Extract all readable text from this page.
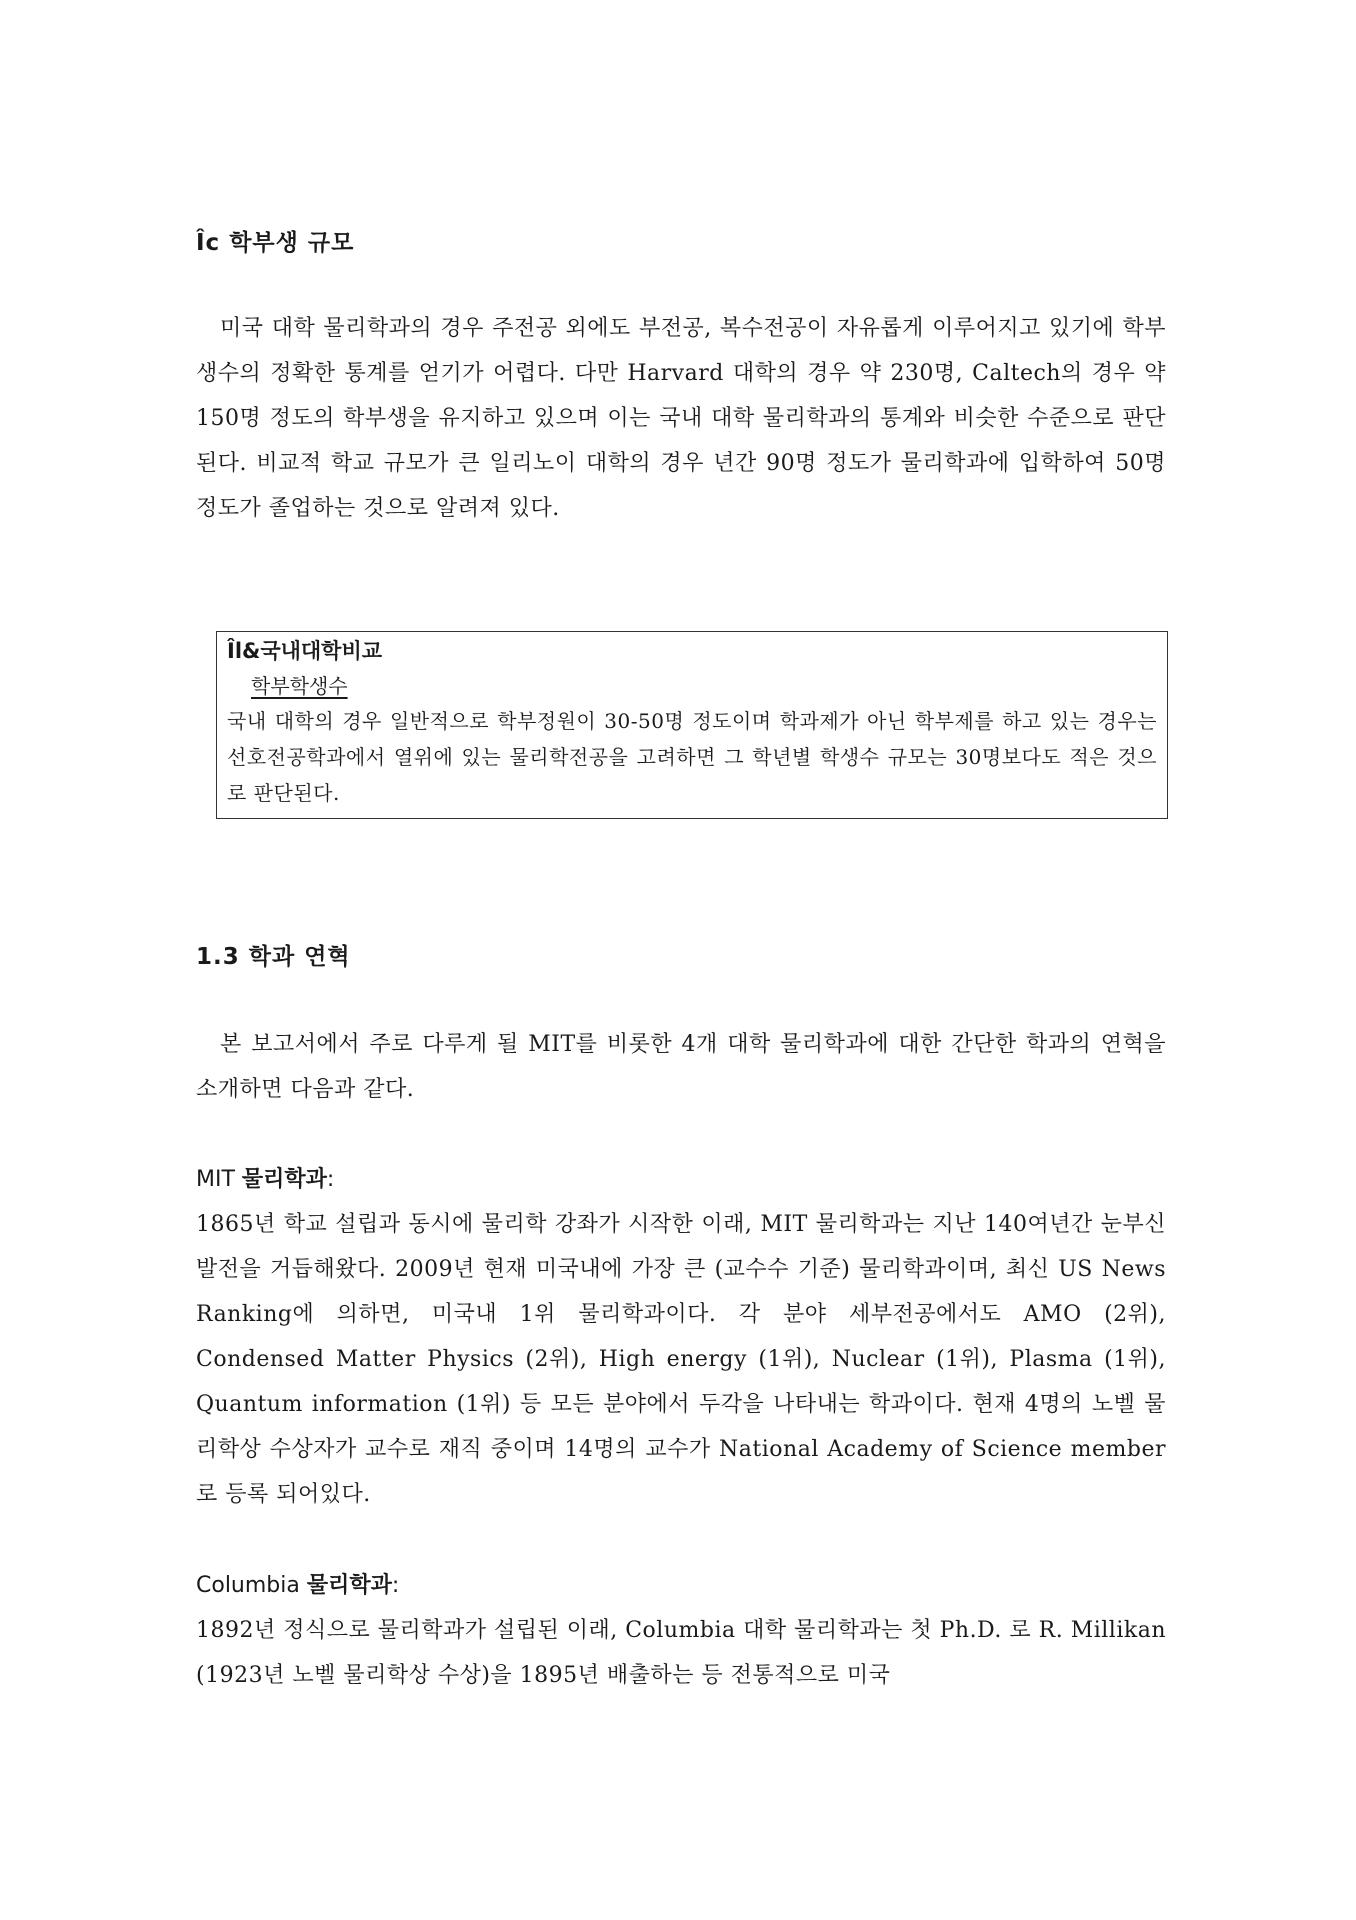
Îc 학부생 규모

미국 대학 물리학과의 경우 주전공 외에도 부전공, 복수전공이 자유롭게 이루어지고 있기에 학부생수의 정확한 통계를 얻기가 어렵다. 다만 Harvard 대학의 경우 약 230명, Caltech의 경우 약 150명 정도의 학부생을 유지하고 있으며 이는 국내 대학 물리학과의 통계와 비슷한 수준으로 판단된다. 비교적 학교 규모가 큰 일리노이 대학의 경우 년간 90명 정도가 물리학과에 입학하여 50명 정도가 졸업하는 것으로 알려져 있다.

Îl&국내대학비교
학부학생수
국내 대학의 경우 일반적으로 학부정원이 30-50명 정도이며 학과제가 아닌 학부제를 하고 있는 경우는 선호전공학과에서 열위에 있는 물리학전공을 고려하면 그 학년별 학생수 규모는 30명보다도 적은 것으로 판단된다.
1.3 학과 연혁

본 보고서에서 주로 다루게 될 MIT를 비롯한 4개 대학 물리학과에 대한 간단한 학과의 연혁을 소개하면 다음과 같다.

MIT 물리학과:

1865년 학교 설립과 동시에 물리학 강좌가 시작한 이래, MIT 물리학과는 지난 140여년간 눈부신 발전을 거듭해왔다. 2009년 현재 미국내에 가장 큰 (교수수 기준) 물리학과이며, 최신 US News Ranking에 의하면, 미국내 1위 물리학과이다. 각 분야 세부전공에서도 AMO (2위), Condensed Matter Physics (2위), High energy (1위), Nuclear (1위), Plasma (1위), Quantum information (1위) 등 모든 분야에서 두각을 나타내는 학과이다. 현재 4명의 노벨 물리학상 수상자가 교수로 재직 중이며 14명의 교수가 National Academy of Science member 로 등록 되어있다.

Columbia 물리학과:

1892년 정식으로 물리학과가 설립된 이래, Columbia 대학 물리학과는 첫 Ph.D. 로 R. Millikan (1923년 노벨 물리학상 수상)을 1895년 배출하는 등 전통적으로 미국
